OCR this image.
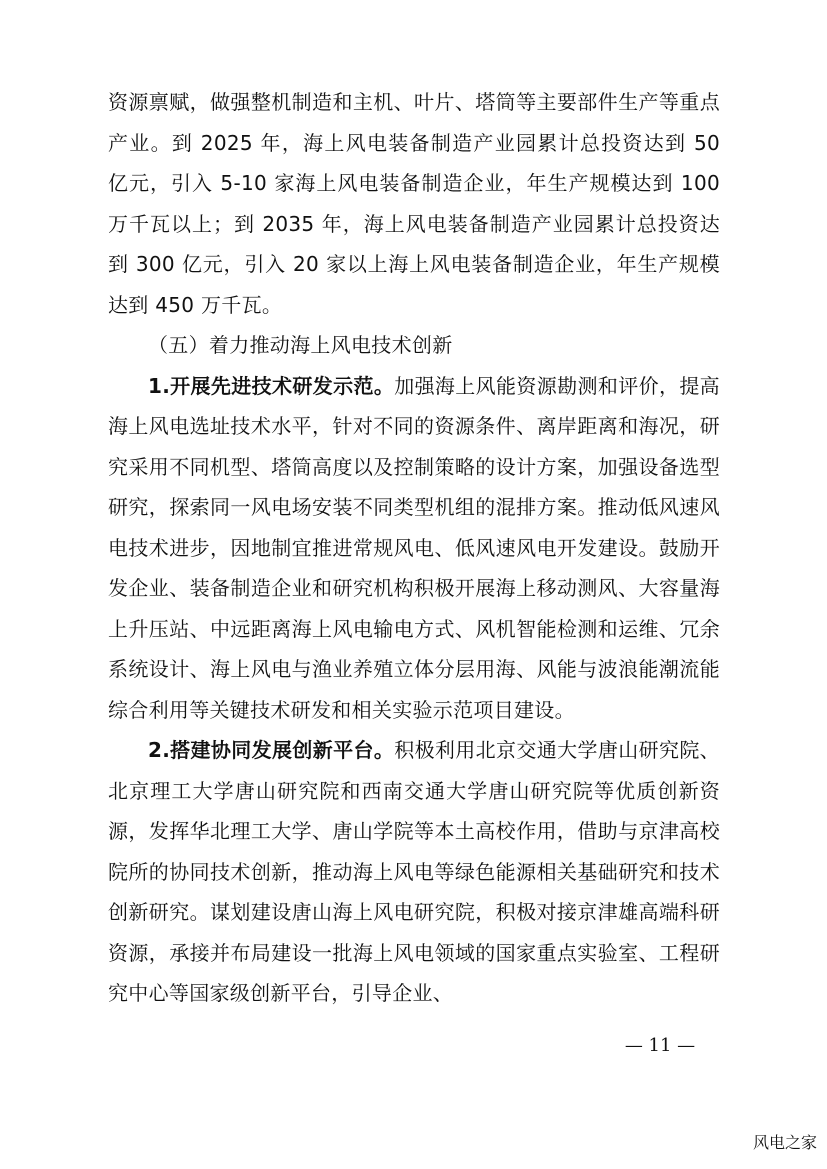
资源禀赋，做强整机制造和主机、叶片、塔筒等主要部件生产等重点产业。到 2025 年，海上风电装备制造产业园累计总投资达到 50 亿元，引入 5-10 家海上风电装备制造企业，年生产规模达到 100 万千瓦以上；到 2035 年，海上风电装备制造产业园累计总投资达到 300 亿元，引入 20 家以上海上风电装备制造企业，年生产规模达到 450 万千瓦。

（五）着力推动海上风电技术创新

1.开展先进技术研发示范。加强海上风能资源勘测和评价，提高海上风电选址技术水平，针对不同的资源条件、离岸距离和海况，研究采用不同机型、塔筒高度以及控制策略的设计方案，加强设备选型研究，探索同一风电场安装不同类型机组的混排方案。推动低风速风电技术进步，因地制宜推进常规风电、低风速风电开发建设。鼓励开发企业、装备制造企业和研究机构积极开展海上移动测风、大容量海上升压站、中远距离海上风电输电方式、风机智能检测和运维、冗余系统设计、海上风电与渔业养殖立体分层用海、风能与波浪能潮流能综合利用等关键技术研发和相关实验示范项目建设。

2.搭建协同发展创新平台。积极利用北京交通大学唐山研究院、北京理工大学唐山研究院和西南交通大学唐山研究院等优质创新资源，发挥华北理工大学、唐山学院等本土高校作用，借助与京津高校院所的协同技术创新，推动海上风电等绿色能源相关基础研究和技术创新研究。谋划建设唐山海上风电研究院，积极对接京津雄高端科研资源，承接并布局建设一批海上风电领域的国家重点实验室、工程研究中心等国家级创新平台，引导企业、

— 11 —
风电之家
